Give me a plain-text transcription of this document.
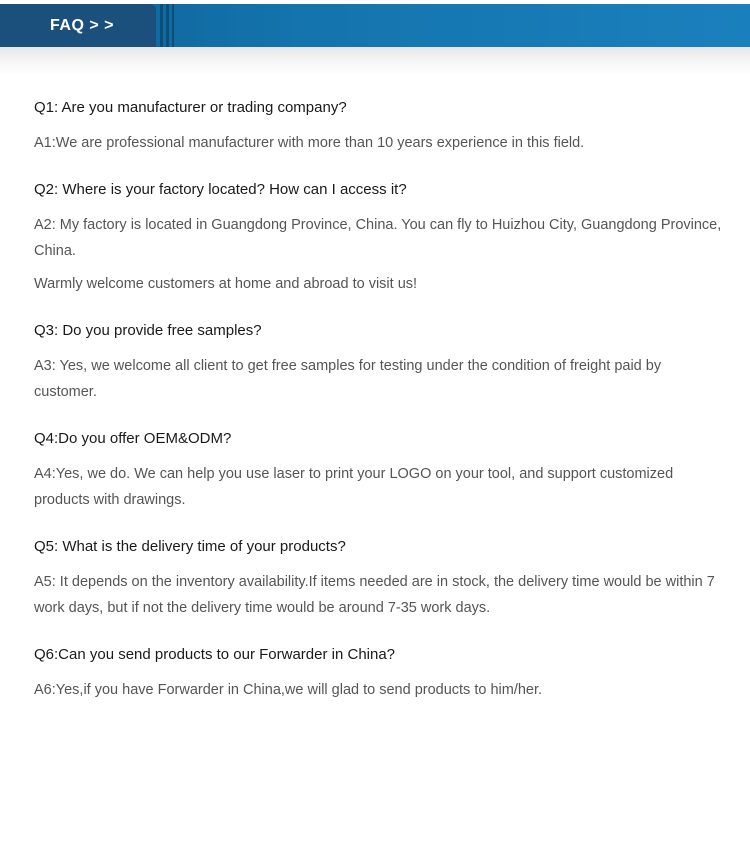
FAQ > >

Q1: Are you manufacturer or trading company?

A1:We are professional manufacturer with more than 10 years experience in this field.

Q2: Where is your factory located? How can I access it?

A2: My factory is located in Guangdong Province, China. You can fly to Huizhou City, Guangdong Province, China.

Warmly welcome customers at home and abroad to visit us!

Q3: Do you provide free samples?

A3: Yes, we welcome all client to get free samples for testing under the condition of freight paid by customer.

Q4:Do you offer OEM&ODM?

A4:Yes, we do. We can help you use laser to print your LOGO on your tool, and support customized products with drawings.

Q5: What is the delivery time of your products?

A5: It depends on the inventory availability.If items needed are in stock, the delivery time would be within 7 work days, but if not the delivery time would be around 7-35 work days.

Q6:Can you send products to our Forwarder in China?

A6:Yes,if you have Forwarder in China,we will glad to send products to him/her.
